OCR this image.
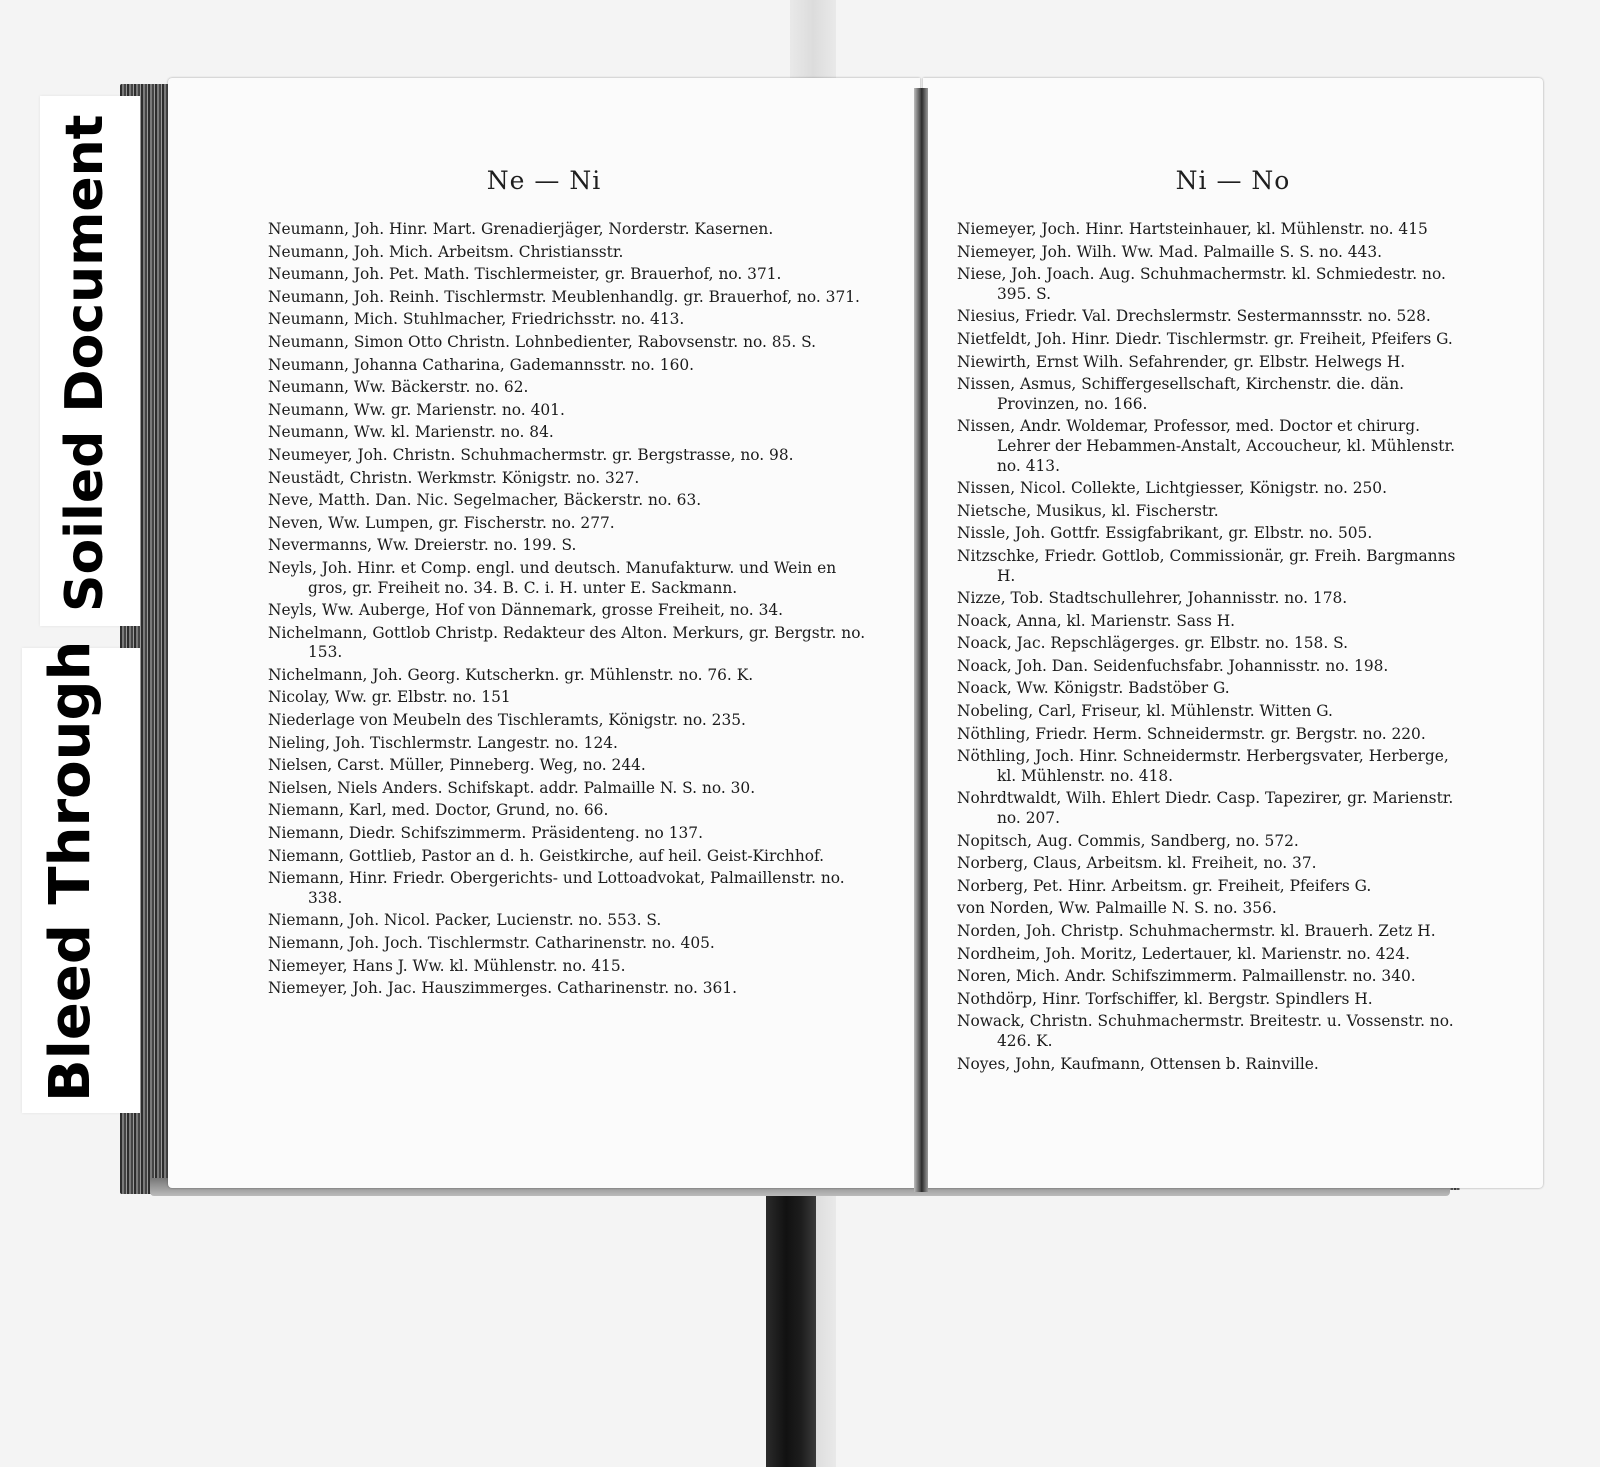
Ne — Ni
Neumann, Joh. Hinr. Mart. Grenadierjäger, Norderstr. Kasernen.
Neumann, Joh. Mich. Arbeitsm. Christiansstr.
Neumann, Joh. Pet. Math. Tischlermeister, gr. Brauerhof, no. 371.
Neumann, Joh. Reinh. Tischlermstr. Meublenhandlg. gr. Brauerhof, no. 371.
Neumann, Mich. Stuhlmacher, Friedrichsstr. no. 413.
Neumann, Simon Otto Christn. Lohnbedienter, Rabovsenstr. no. 85. S.
Neumann, Johanna Catharina, Gademannsstr. no. 160.
Neumann, Ww. Bäckerstr. no. 62.
Neumann, Ww. gr. Marienstr. no. 401.
Neumann, Ww. kl. Marienstr. no. 84.
Neumeyer, Joh. Christn. Schuhmachermstr. gr. Bergstrasse, no. 98.
Neustädt, Christn. Werkmstr. Königstr. no. 327.
Neve, Matth. Dan. Nic. Segelmacher, Bäckerstr. no. 63.
Neven, Ww. Lumpen, gr. Fischerstr. no. 277.
Nevermanns, Ww. Dreierstr. no. 199. S.
Neyls, Joh. Hinr. et Comp. engl. und deutsch. Manufakturw. und Wein en gros, gr. Freiheit no. 34. B. C. i. H. unter E. Sackmann.
Neyls, Ww. Auberge, Hof von Dännemark, grosse Freiheit, no. 34.
Nichelmann, Gottlob Christp. Redakteur des Alton. Merkurs, gr. Bergstr. no. 153.
Nichelmann, Joh. Georg. Kutscherkn. gr. Mühlenstr. no. 76. K.
Nicolay, Ww. gr. Elbstr. no. 151
Niederlage von Meubeln des Tischleramts, Königstr. no. 235.
Nieling, Joh. Tischlermstr. Langestr. no. 124.
Nielsen, Carst. Müller, Pinneberg. Weg, no. 244.
Nielsen, Niels Anders. Schifskapt. addr. Palmaille N. S. no. 30.
Niemann, Karl, med. Doctor, Grund, no. 66.
Niemann, Diedr. Schifszimmerm. Präsidenteng. no 137.
Niemann, Gottlieb, Pastor an d. h. Geistkirche, auf heil. Geist-Kirchhof.
Niemann, Hinr. Friedr. Obergerichts- und Lottoadvokat, Palmaillenstr. no. 338.
Niemann, Joh. Nicol. Packer, Lucienstr. no. 553. S.
Niemann, Joh. Joch. Tischlermstr. Catharinenstr. no. 405.
Niemeyer, Hans J. Ww. kl. Mühlenstr. no. 415.
Niemeyer, Joh. Jac. Hauszimmerges. Catharinenstr. no. 361.
Ni — No
Niemeyer, Joch. Hinr. Hartsteinhauer, kl. Mühlenstr. no. 415
Niemeyer, Joh. Wilh. Ww. Mad. Palmaille S. S. no. 443.
Niese, Joh. Joach. Aug. Schuhmachermstr. kl. Schmiedestr. no. 395. S.
Niesius, Friedr. Val. Drechslermstr. Sestermannsstr. no. 528.
Nietfeldt, Joh. Hinr. Diedr. Tischlermstr. gr. Freiheit, Pfeifers G.
Niewirth, Ernst Wilh. Sefahrender, gr. Elbstr. Helwegs H.
Nissen, Asmus, Schiffergesellschaft, Kirchenstr. die. dän. Provinzen, no. 166.
Nissen, Andr. Woldemar, Professor, med. Doctor et chirurg. Lehrer der Hebammen-Anstalt, Accoucheur, kl. Mühlenstr. no. 413.
Nissen, Nicol. Collekte, Lichtgiesser, Königstr. no. 250.
Nietsche, Musikus, kl. Fischerstr.
Nissle, Joh. Gottfr. Essigfabrikant, gr. Elbstr. no. 505.
Nitzschke, Friedr. Gottlob, Commissionär, gr. Freih. Bargmanns H.
Nizze, Tob. Stadtschullehrer, Johannisstr. no. 178.
Noack, Anna, kl. Marienstr. Sass H.
Noack, Jac. Repschlägerges. gr. Elbstr. no. 158. S.
Noack, Joh. Dan. Seidenfuchsfabr. Johannisstr. no. 198.
Noack, Ww. Königstr. Badstöber G.
Nobeling, Carl, Friseur, kl. Mühlenstr. Witten G.
Nöthling, Friedr. Herm. Schneidermstr. gr. Bergstr. no. 220.
Nöthling, Joch. Hinr. Schneidermstr. Herbergsvater, Herberge, kl. Mühlenstr. no. 418.
Nohrdtwaldt, Wilh. Ehlert Diedr. Casp. Tapezirer, gr. Marienstr. no. 207.
Nopitsch, Aug. Commis, Sandberg, no. 572.
Norberg, Claus, Arbeitsm. kl. Freiheit, no. 37.
Norberg, Pet. Hinr. Arbeitsm. gr. Freiheit, Pfeifers G.
von Norden, Ww. Palmaille N. S. no. 356.
Norden, Joh. Christp. Schuhmachermstr. kl. Brauerh. Zetz H.
Nordheim, Joh. Moritz, Ledertauer, kl. Marienstr. no. 424.
Noren, Mich. Andr. Schifszimmerm. Palmaillenstr. no. 340.
Nothdörp, Hinr. Torfschiffer, kl. Bergstr. Spindlers H.
Nowack, Christn. Schuhmachermstr. Breitestr. u. Vossenstr. no. 426. K.
Noyes, John, Kaufmann, Ottensen b. Rainville.
Soiled Document
Bleed Through
